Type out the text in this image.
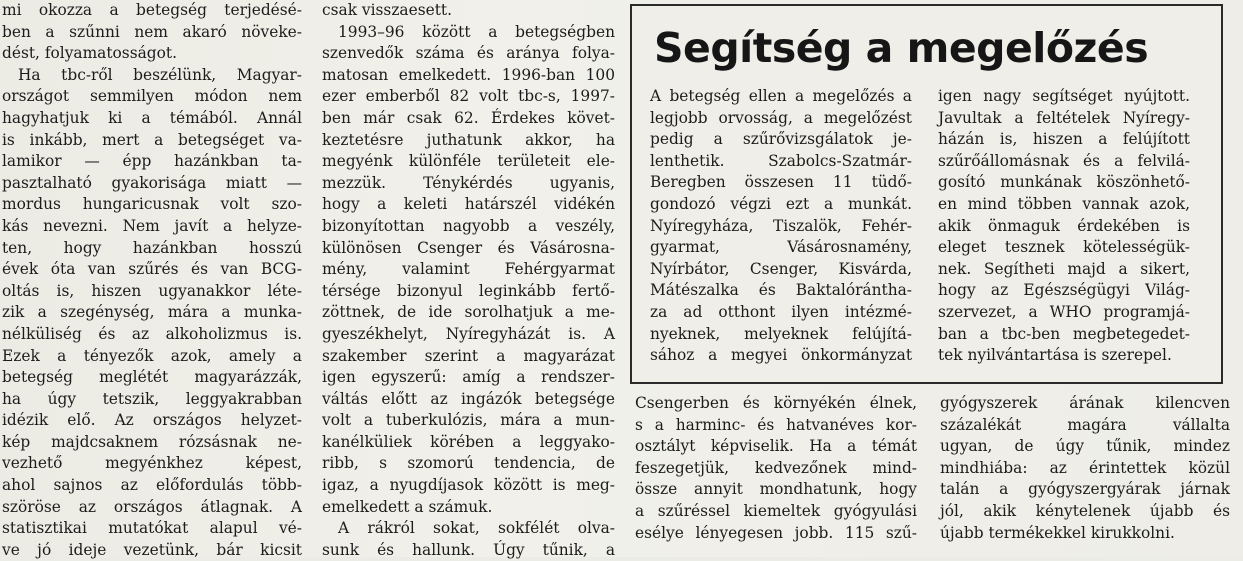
mi okozza a betegség terjedésé-
ben a szűnni nem akaró növeke-
dést, folyamatosságot.
Ha tbc-ről beszélünk, Magyar-
országot semmilyen módon nem
hagyhatjuk ki a témából. Annál
is inkább, mert a betegséget va-
lamikor — épp hazánkban ta-
pasztalható gyakorisága miatt —
mordus hungaricusnak volt szo-
kás nevezni. Nem javít a helyze-
ten, hogy hazánkban hosszú
évek óta van szűrés és van BCG-
oltás is, hiszen ugyanakkor léte-
zik a szegénység, mára a munka-
nélküliség és az alkoholizmus is.
Ezek a tényezők azok, amely a
betegség meglétét magyarázzák,
ha úgy tetszik, leggyakrabban
idézik elő. Az országos helyzet-
kép majdcsaknem rózsásnak ne-
vezhető megyénkhez képest,
ahol sajnos az előfordulás több-
szöröse az országos átlagnak. A
statisztikai mutatókat alapul vé-
ve jó ideje vezetünk, bár kicsit
csak visszaesett.
1993–96 között a betegségben
szenvedők száma és aránya folya-
matosan emelkedett. 1996-ban 100
ezer emberből 82 volt tbc-s, 1997-
ben már csak 62. Érdekes követ-
keztetésre juthatunk akkor, ha
megyénk különféle területeit ele-
mezzük. Ténykérdés ugyanis,
hogy a keleti határszél vidékén
bizonyítottan nagyobb a veszély,
különösen Csenger és Vásárosna-
mény, valamint Fehérgyarmat
térsége bizonyul leginkább fertő-
zöttnek, de ide sorolhatjuk a me-
gyeszékhelyt, Nyíregyházát is. A
szakember szerint a magyarázat
igen egyszerű: amíg a rendszer-
váltás előtt az ingázók betegsége
volt a tuberkulózis, mára a mun-
kanélküliek körében a leggyako-
ribb, s szomorú tendencia, de
igaz, a nyugdíjasok között is meg-
emelkedett a számuk.
A rákról sokat, sokfélét olva-
sunk és hallunk. Úgy tűnik, a
Segítség a megelőzés
A betegség ellen a megelőzés a
legjobb orvosság, a megelőzést
pedig a szűrővizsgálatok je-
lenthetik. Szabolcs-Szatmár-
Beregben összesen 11 tüdő-
gondozó végzi ezt a munkát.
Nyíregyháza, Tiszalök, Fehér-
gyarmat, Vásárosnamény,
Nyírbátor, Csenger, Kisvárda,
Mátészalka és Baktalórántha-
za ad otthont ilyen intézmé-
nyeknek, melyeknek felújítá-
sához a megyei önkormányzat
igen nagy segítséget nyújtott.
Javultak a feltételek Nyíregy-
házán is, hiszen a felújított
szűrőállomásnak és a felvilá-
gosító munkának köszönhető-
en mind többen vannak azok,
akik önmaguk érdekében is
eleget tesznek kötelességük-
nek. Segítheti majd a sikert,
hogy az Egészségügyi Világ-
szervezet, a WHO programjá-
ban a tbc-ben megbetegedet-
tek nyilvántartása is szerepel.
Csengerben és környékén élnek,
s a harminc- és hatvanéves kor-
osztályt képviselik. Ha a témát
feszegetjük, kedvezőnek mind-
össze annyit mondhatunk, hogy
a szűréssel kiemeltek gyógyulási
esélye lényegesen jobb. 115 szű-
gyógyszerek árának kilencven
százalékát magára vállalta
ugyan, de úgy tűnik, mindez
mindhiába: az érintettek közül
talán a gyógyszergyárak járnak
jól, akik kénytelenek újabb és
újabb termékekkel kirukkolni.
